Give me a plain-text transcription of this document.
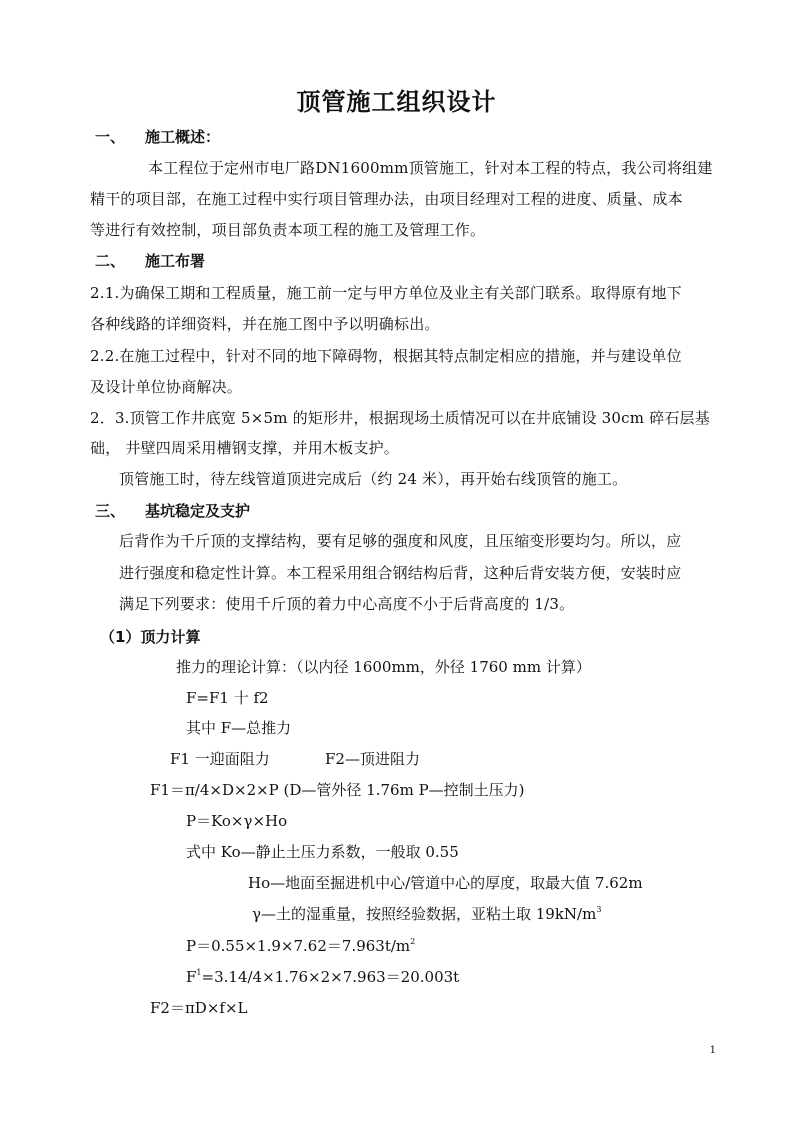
顶管施工组织设计
一、 施工概述：
本工程位于定州市电厂路DN1600mm顶管施工，针对本工程的特点，我公司将组建
精干的项目部，在施工过程中实行项目管理办法，由项目经理对工程的进度、质量、成本
等进行有效控制，项目部负责本项工程的施工及管理工作。
二、 施工布署
2.1.为确保工期和工程质量，施工前一定与甲方单位及业主有关部门联系。取得原有地下
各种线路的详细资料，并在施工图中予以明确标出。
2.2.在施工过程中，针对不同的地下障碍物，根据其特点制定相应的措施，并与建设单位
及设计单位协商解决。
2．3.顶管工作井底宽 5×5m 的矩形井，根据现场土质情况可以在井底铺设 30cm 碎石层基
础， 井壁四周采用槽钢支撑，并用木板支护。
顶管施工时，待左线管道顶进完成后（约 24 米），再开始右线顶管的施工。
三、 基坑稳定及支护
后背作为千斤顶的支撑结构，要有足够的强度和风度，且压缩变形要均匀。所以，应
进行强度和稳定性计算。本工程采用组合钢结构后背，这种后背安装方便，安装时应
满足下列要求：使用千斤顶的着力中心高度不小于后背高度的 1/3。
（1）顶力计算
推力的理论计算：（以内径 1600mm，外径 1760 mm 计算）
F=F1 十 f2
其中 F—总推力
F1 一迎面阻力	F2—顶进阻力
F1＝π/4×D×2×P (D—管外径 1.76m P—控制土压力)
P＝Ko×γ×Ho
式中 Ko—静止土压力系数，一般取 0.55
Ho—地面至掘进机中心/管道中心的厚度，取最大值 7.62m
γ—土的湿重量，按照经验数据，亚粘土取 $19kN/m^3$
$P=0.55\times 1.9\times 7.62=7.963t/m^2$
$F^1=3.14/4\times 1.76\times 2\times 7.963=20.003t$
F2＝πD×f×L
1
